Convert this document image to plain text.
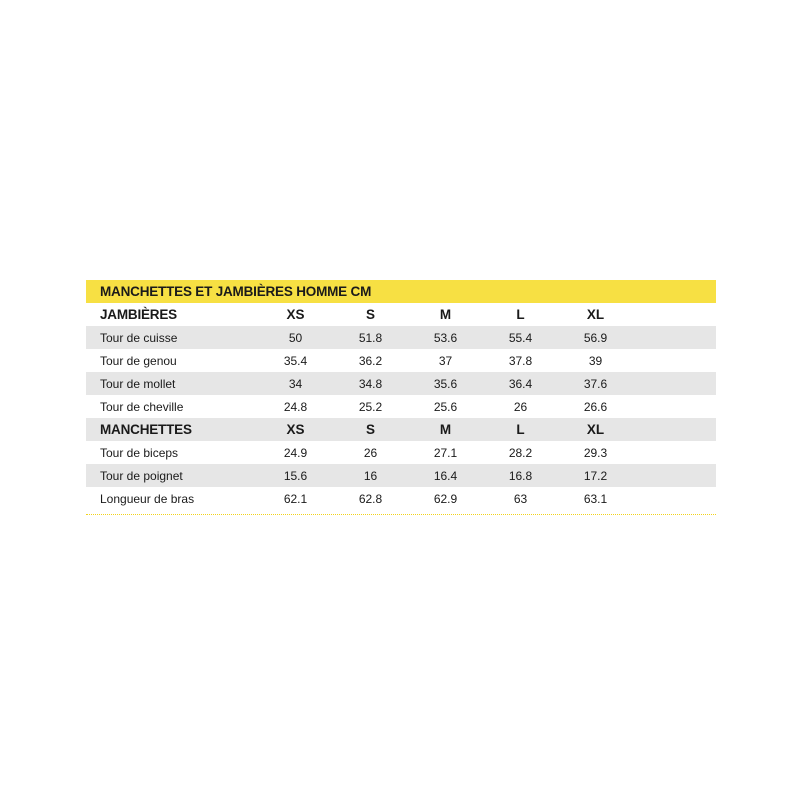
MANCHETTES ET JAMBIÈRES HOMME CM
JAMBIÈRES	XS	S	M	L	XL
Tour de cuisse	50	51.8	53.6	55.4	56.9
Tour de genou	35.4	36.2	37	37.8	39
Tour de mollet	34	34.8	35.6	36.4	37.6
Tour de cheville	24.8	25.2	25.6	26	26.6
MANCHETTES	XS	S	M	L	XL
Tour de biceps	24.9	26	27.1	28.2	29.3
Tour de poignet	15.6	16	16.4	16.8	17.2
Longueur de bras	62.1	62.8	62.9	63	63.1
